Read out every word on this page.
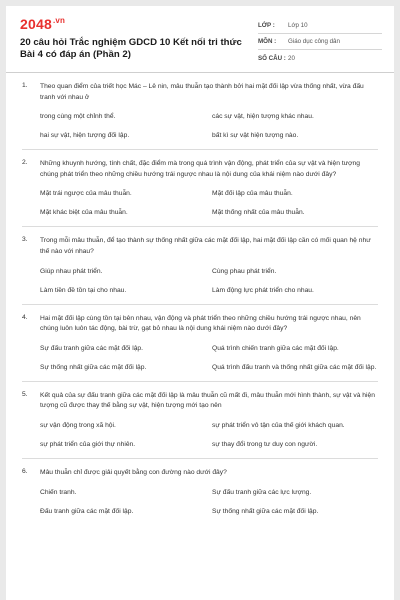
$2048^{.vn}$
20 câu hỏi Trắc nghiệm GDCD 10 Kết nối tri thức Bài 4 có đáp án (Phần 2)
LỚP :	Lớp 10
MÔN :	Giáo dục công dân
SỐ CÂU : 20
1. Theo quan điểm của triết học Mác – Lê nin, mâu thuẫn tạo thành bởi hai mặt đối lập vừa thống nhất, vừa đấu tranh với nhau ở
trong cùng một chỉnh thể.	các sự vật, hiện tượng khác nhau.
hai sự vật, hiện tượng đối lập.	bất kì sự vật hiện tượng nào.
2. Những khuynh hướng, tính chất, đặc điểm mà trong quá trình vận động, phát triển của sự vật và hiện tượng chúng phát triển theo những chiều hướng trái ngược nhau là nội dung của khái niệm nào dưới đây?
Mặt trái ngược của mâu thuẫn.	Mặt đối lập của mâu thuẫn.
Mặt khác biệt của mâu thuẫn.	Mặt thống nhất của mâu thuẫn.
3. Trong mỗi mâu thuẫn, để tạo thành sự thống nhất giữa các mặt đối lập, hai mặt đối lập cần có mối quan hệ như thế nào với nhau?
Giúp nhau phát triển.	Cùng phau phát triển.
Làm tiền đề tồn tại cho nhau.	Làm động lực phát triển cho nhau.
4. Hai mặt đối lập cùng tồn tại bên nhau, vận động và phát triển theo những chiều hướng trái ngược nhau, nên chúng luôn luôn tác động, bài trừ, gạt bỏ nhau là nội dung khái niệm nào dưới đây?
Sự đấu tranh giữa các mặt đối lập.	Quá trình chiến tranh giữa các mặt đối lập.
Sự thống nhất giữa các mặt đối lập.	Quá trình đấu tranh và thống nhất giữa các mặt đối lập.
5. Kết quả của sự đấu tranh giữa các mặt đối lập là mâu thuẫn cũ mất đi, mâu thuẫn mới hình thành, sự vật và hiện tượng cũ được thay thế bằng sự vật, hiện tượng mới tạo nên
sự vận động trong xã hội.	sự phát triển vô tận của thế giới khách quan.
sự phát triển của giới thự nhiên.	sự thay đổi trong tư duy con người.
6. Mâu thuẫn chỉ được giải quyết bằng con đường nào dưới đây?
Chiến tranh.	Sự đấu tranh giữa các lực lượng.
Đấu tranh giữa các mặt đối lập.	Sự thống nhất giữa các mặt đối lập.
